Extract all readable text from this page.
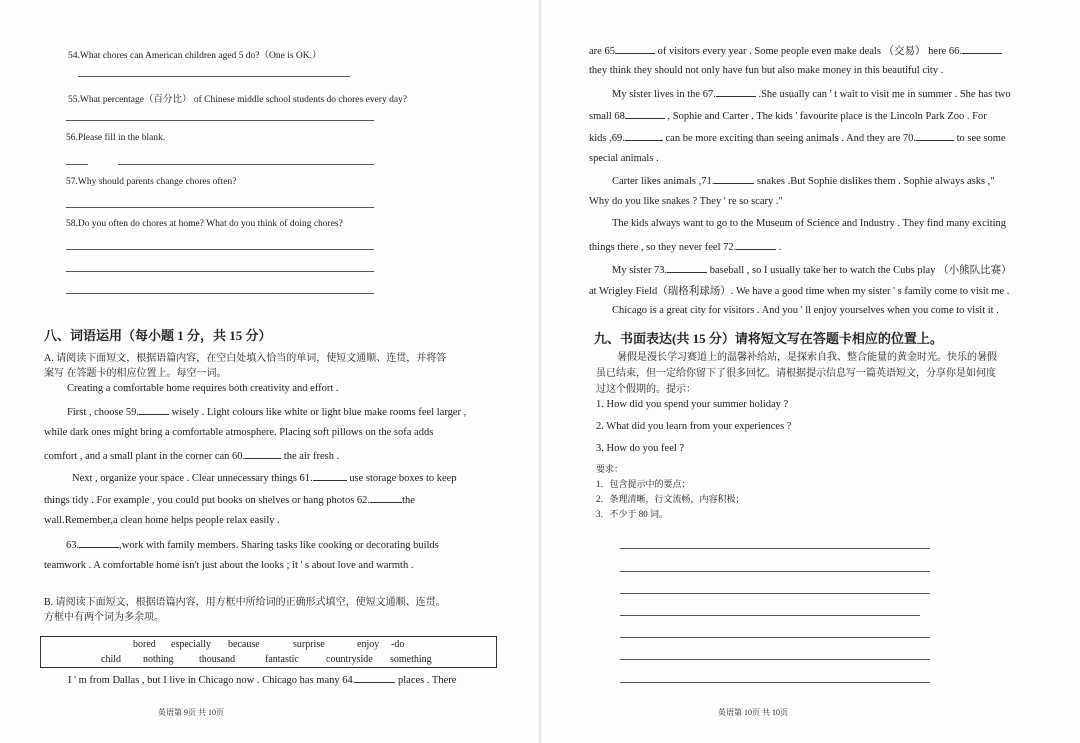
54.What chores can American children aged 5 do?（One is OK.）
55.What percentage（百分比） of Chinese middle school students do chores every day?
56.Please fill in the blank.
57.Why should parents change chores often?
58.Do you often do chores at home? What do you think of doing chores?
八、词语运用（每小题 1 分，共 15 分）
A. 请阅读下面短文，根据语篇内容，在空白处填入恰当的单词，使短文通顺、连贯，并将答
案写 在答题卡的相应位置上。每空一词。
Creating a comfortable home requires both creativity and effort .
First , choose 59.	wisely . Light colours like white or light blue make rooms feel larger ,
while dark ones might bring a comfortable atmosphere. Placing soft pillows on the sofa adds
comfort , and a small plant in the corner can 60.	the air fresh .
Next , organize your space . Clear unnecessary things 61.	use storage boxes to keep
things tidy . For example , you could put books on shelves or hang photos 62.	the
wall.Remember,a clean home helps people relax easily .
63.	,work with family members. Sharing tasks like cooking or decorating builds
teamwork . A comfortable home isn't just about the looks ; it ' s about love and warmth .
B. 请阅读下面短文，根据语篇内容，用方框中所给词的正确形式填空，使短文通顺、连贯。
方框中有两个词为多余项。
bored especially because	surprise	enjoy -do
child nothing	thousand	fantastic	countryside something
I ' m from Dallas , but I live in Chicago now . Chicago has many 64.	places . There
英语第 9页 共 10页
are 65	of visitors every year . Some people even make deals （交易） here 66.
they think they should not only have fun but also make money in this beautiful city .
My sister lives in the 67.	.She usually can ' t wait to visit me in summer . She has two
small 68	, Sophie and Carter . The kids ' favourite place is the Lincoln Park Zoo . For
kids ,69.	can be more exciting than seeing animals . And they are 70.	to see some
special animals .
Carter likes animals ,71.	snakes .But Sophie dislikes them . Sophie always asks ,"
Why do you like snakes ? They ' re so scary ."
The kids always want to go to the Museum of Science and Industry . They find many exciting
things there , so they never feel 72.	.
My sister 73.	baseball , so I usually take her to watch the Cubs play （小熊队比赛）
at Wrigley Field（瑞格利球场）. We have a good time when my sister ' s family come to visit me .
Chicago is a great city for visitors . And you ' ll enjoy yourselves when you come to visit it .
九、书面表达(共 15 分）请将短文写在答题卡相应的位置上。
暑假是漫长学习赛道上的温馨补给站，是探索自我、整合能量的黄金时光。快乐的暑假
虽已结束，但一定给你留下了很多回忆。请根据提示信息写一篇英语短文，分享你是如何度
过这个假期的。提示：
1. How did you spend your summer holiday ?
2. What did you learn from your experiences ?
3. How do you feel ?
要求：
1．包含提示中的要点；
2．条理清晰，行文流畅，内容积极；
3．不少于 80 词。
英语第 10页 共 10页
